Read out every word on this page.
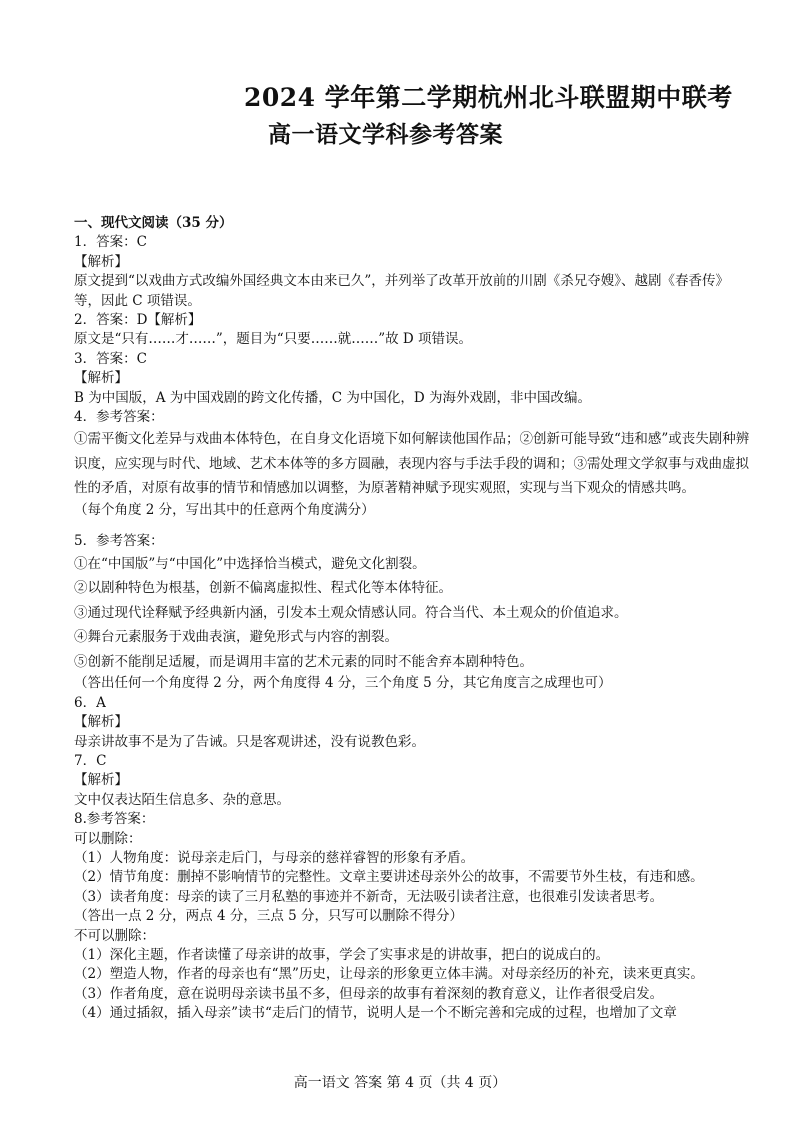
2024 学年第二学期杭州北斗联盟期中联考
高一语文学科参考答案
一、现代文阅读（35 分）
1．答案：C
【解析】
原文提到“以戏曲方式改编外国经典文本由来已久”，并列举了改革开放前的川剧《杀兄夺嫂》、越剧《春香传》等，因此 C 项错误。
2．答案：D【解析】
原文是“只有……才……”，题目为“只要……就……”故 D 项错误。
3．答案：C
【解析】
B 为中国版，A 为中国戏剧的跨文化传播，C 为中国化，D 为海外戏剧，非中国改编。
4．参考答案：
①需平衡文化差异与戏曲本体特色，在自身文化语境下如何解读他国作品；②创新可能导致“违和感”或丧失剧种辨识度，应实现与时代、地域、艺术本体等的多方圆融，表现内容与手法手段的调和；③需处理文学叙事与戏曲虚拟性的矛盾，对原有故事的情节和情感加以调整，为原著精神赋予现实观照，实现与当下观众的情感共鸣。
（每个角度 2 分，写出其中的任意两个角度满分）
5．参考答案：
①在“中国版”与“中国化”中选择恰当模式，避免文化割裂。
②以剧种特色为根基，创新不偏离虚拟性、程式化等本体特征。
③通过现代诠释赋予经典新内涵，引发本土观众情感认同。符合当代、本土观众的价值追求。
④舞台元素服务于戏曲表演，避免形式与内容的割裂。
⑤创新不能削足适履，而是调用丰富的艺术元素的同时不能舍弃本剧种特色。
（答出任何一个角度得 2 分，两个角度得 4 分，三个角度 5 分，其它角度言之成理也可）
6．A
【解析】
母亲讲故事不是为了告诫。只是客观讲述，没有说教色彩。
7．C
【解析】
文中仅表达陌生信息多、杂的意思。
8.参考答案：
可以删除：
（1）人物角度：说母亲走后门，与母亲的慈祥睿智的形象有矛盾。
（2）情节角度：删掉不影响情节的完整性。文章主要讲述母亲外公的故事，不需要节外生枝，有违和感。
（3）读者角度：母亲的读了三月私塾的事迹并不新奇，无法吸引读者注意，也很难引发读者思考。
（答出一点 2 分，两点 4 分，三点 5 分，只写可以删除不得分）
不可以删除：
（1）深化主题，作者读懂了母亲讲的故事，学会了实事求是的讲故事，把白的说成白的。
（2）塑造人物，作者的母亲也有“黑”历史，让母亲的形象更立体丰满。对母亲经历的补充，读来更真实。
（3）作者角度，意在说明母亲读书虽不多，但母亲的故事有着深刻的教育意义，让作者很受启发。
（4）通过插叙，插入母亲”读书“走后门的情节，说明人是一个不断完善和完成的过程，也增加了文章
高一语文 答案 第 4 页（共 4 页）
